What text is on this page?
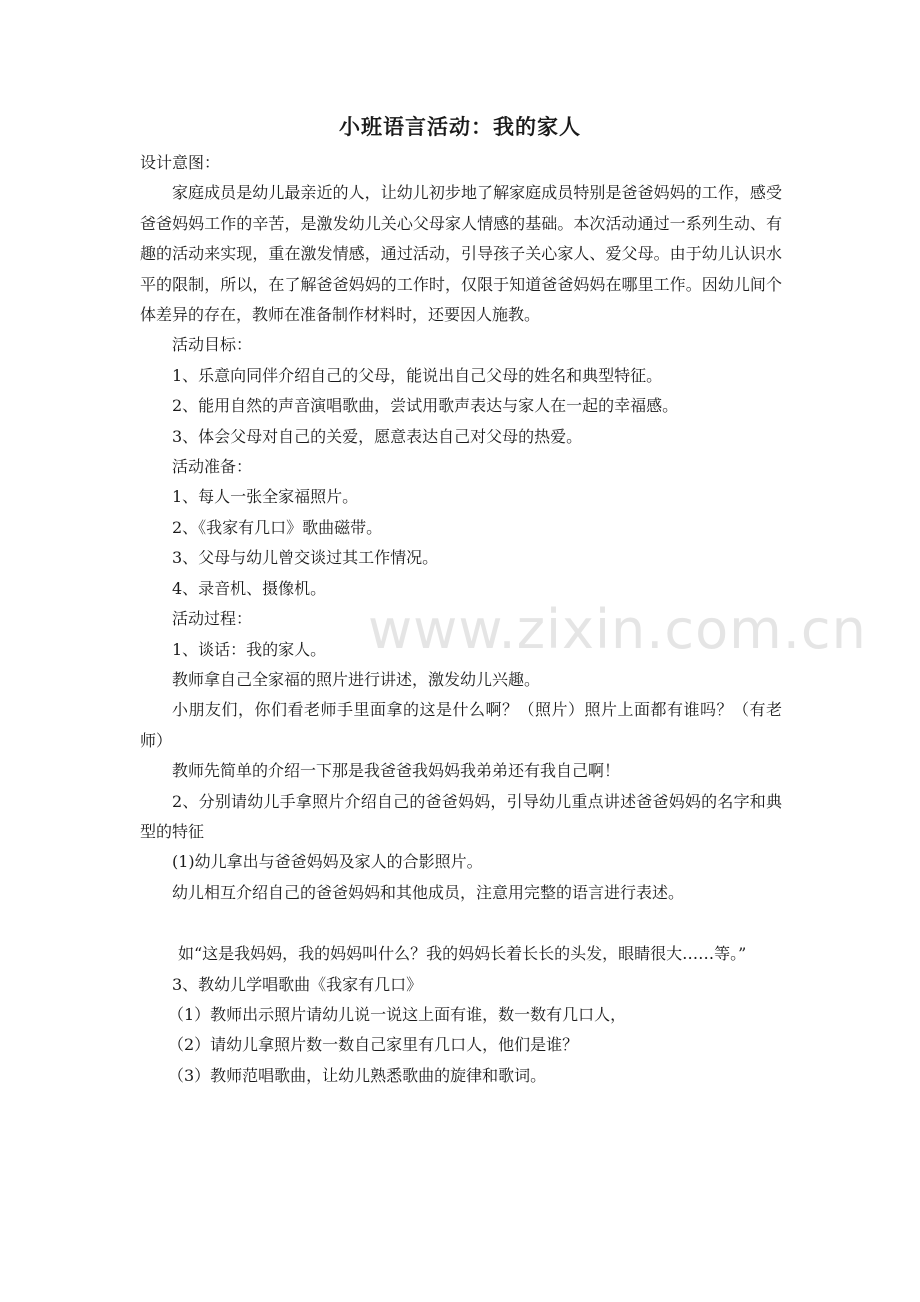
www.zixin.com.cn
小班语言活动：我的家人

设计意图：

家庭成员是幼儿最亲近的人，让幼儿初步地了解家庭成员特别是爸爸妈妈的工作，感受爸爸妈妈工作的辛苦，是激发幼儿关心父母家人情感的基础。本次活动通过一系列生动、有趣的活动来实现，重在激发情感，通过活动，引导孩子关心家人、爱父母。由于幼儿认识水平的限制，所以，在了解爸爸妈妈的工作时，仅限于知道爸爸妈妈在哪里工作。因幼儿间个体差异的存在，教师在准备制作材料时，还要因人施教。

活动目标：

1、乐意向同伴介绍自己的父母，能说出自己父母的姓名和典型特征。

2、能用自然的声音演唱歌曲，尝试用歌声表达与家人在一起的幸福感。

3、体会父母对自己的关爱，愿意表达自己对父母的热爱。

活动准备：

1、每人一张全家福照片。

2、《我家有几口》歌曲磁带。

3、父母与幼儿曾交谈过其工作情况。

4、录音机、摄像机。

活动过程：

1、谈话：我的家人。

教师拿自己全家福的照片进行讲述，激发幼儿兴趣。

小朋友们，你们看老师手里面拿的这是什么啊？（照片）照片上面都有谁吗？（有老师）

教师先简单的介绍一下那是我爸爸我妈妈我弟弟还有我自己啊！

2、分别请幼儿手拿照片介绍自己的爸爸妈妈，引导幼儿重点讲述爸爸妈妈的名字和典型的特征

(1)幼儿拿出与爸爸妈妈及家人的合影照片。

幼儿相互介绍自己的爸爸妈妈和其他成员，注意用完整的语言进行表述。

如“这是我妈妈，我的妈妈叫什么？我的妈妈长着长长的头发，眼睛很大……等。”

3、教幼儿学唱歌曲《我家有几口》

（1）教师出示照片请幼儿说一说这上面有谁，数一数有几口人，

（2）请幼儿拿照片数一数自己家里有几口人，他们是谁？

（3）教师范唱歌曲，让幼儿熟悉歌曲的旋律和歌词。
